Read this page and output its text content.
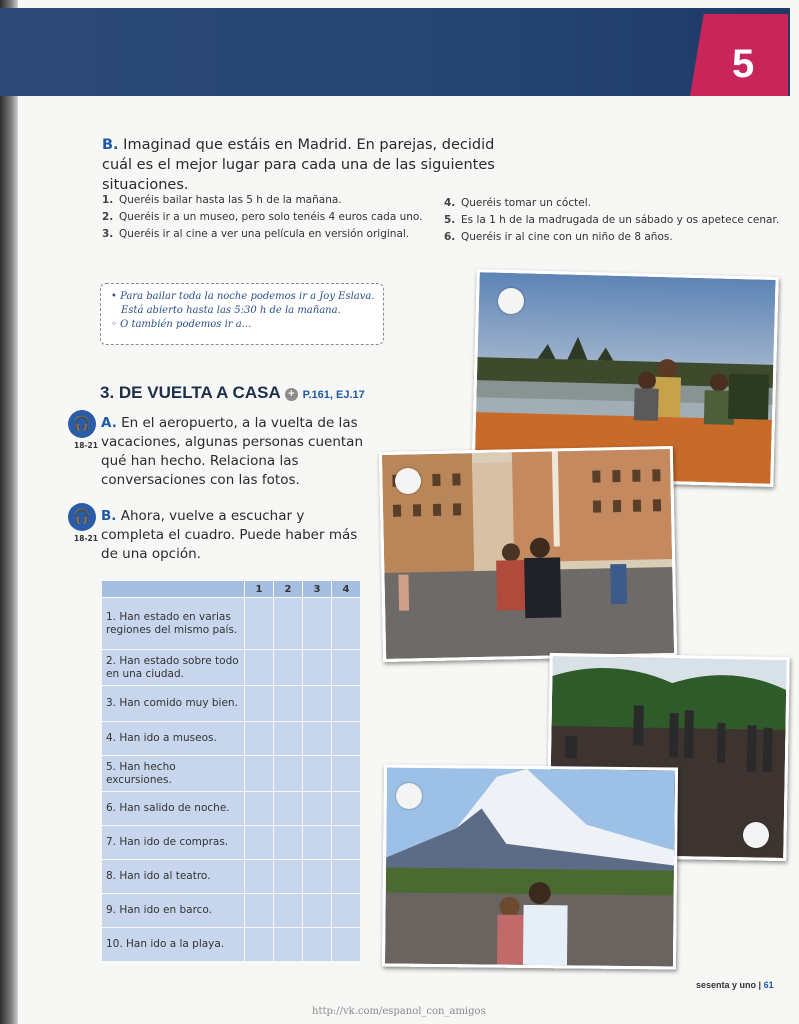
5
B. Imaginad que estáis en Madrid. En parejas, decidid cuál es el mejor lugar para cada una de las siguientes situaciones.
1. Queréis bailar hasta las 5 h de la mañana.
2. Queréis ir a un museo, pero solo tenéis 4 euros cada uno.
3. Queréis ir al cine a ver una película en versión original.
4. Queréis tomar un cóctel.
5. Es la 1 h de la madrugada de un sábado y os apetece cenar.
6. Queréis ir al cine con un niño de 8 años.
• Para bailar toda la noche podemos ir a Joy Eslava.
Está abierto hasta las 5:30 h de la mañana.
◦ O también podemos ir a...
3. DE VUELTA A CASA + P.161, EJ.17
🎧
18-21
A. En el aeropuerto, a la vuelta de las vacaciones, algunas personas cuentan qué han hecho. Relaciona las conversaciones con las fotos.
🎧
18-21
B. Ahora, vuelve a escuchar y completa el cuadro. Puede haber más de una opción.
	1	2	3	4
1. Han estado en varias regiones del mismo país.				
2. Han estado sobre todo en una ciudad.				
3. Han comido muy bien.				
4. Han ido a museos.				
5. Han hecho excursiones.				
6. Han salido de noche.				
7. Han ido de compras.				
8. Han ido al teatro.				
9. Han ido en barco.				
10. Han ido a la playa.				
sesenta y uno | 61
http://vk.com/espanol_con_amigos
